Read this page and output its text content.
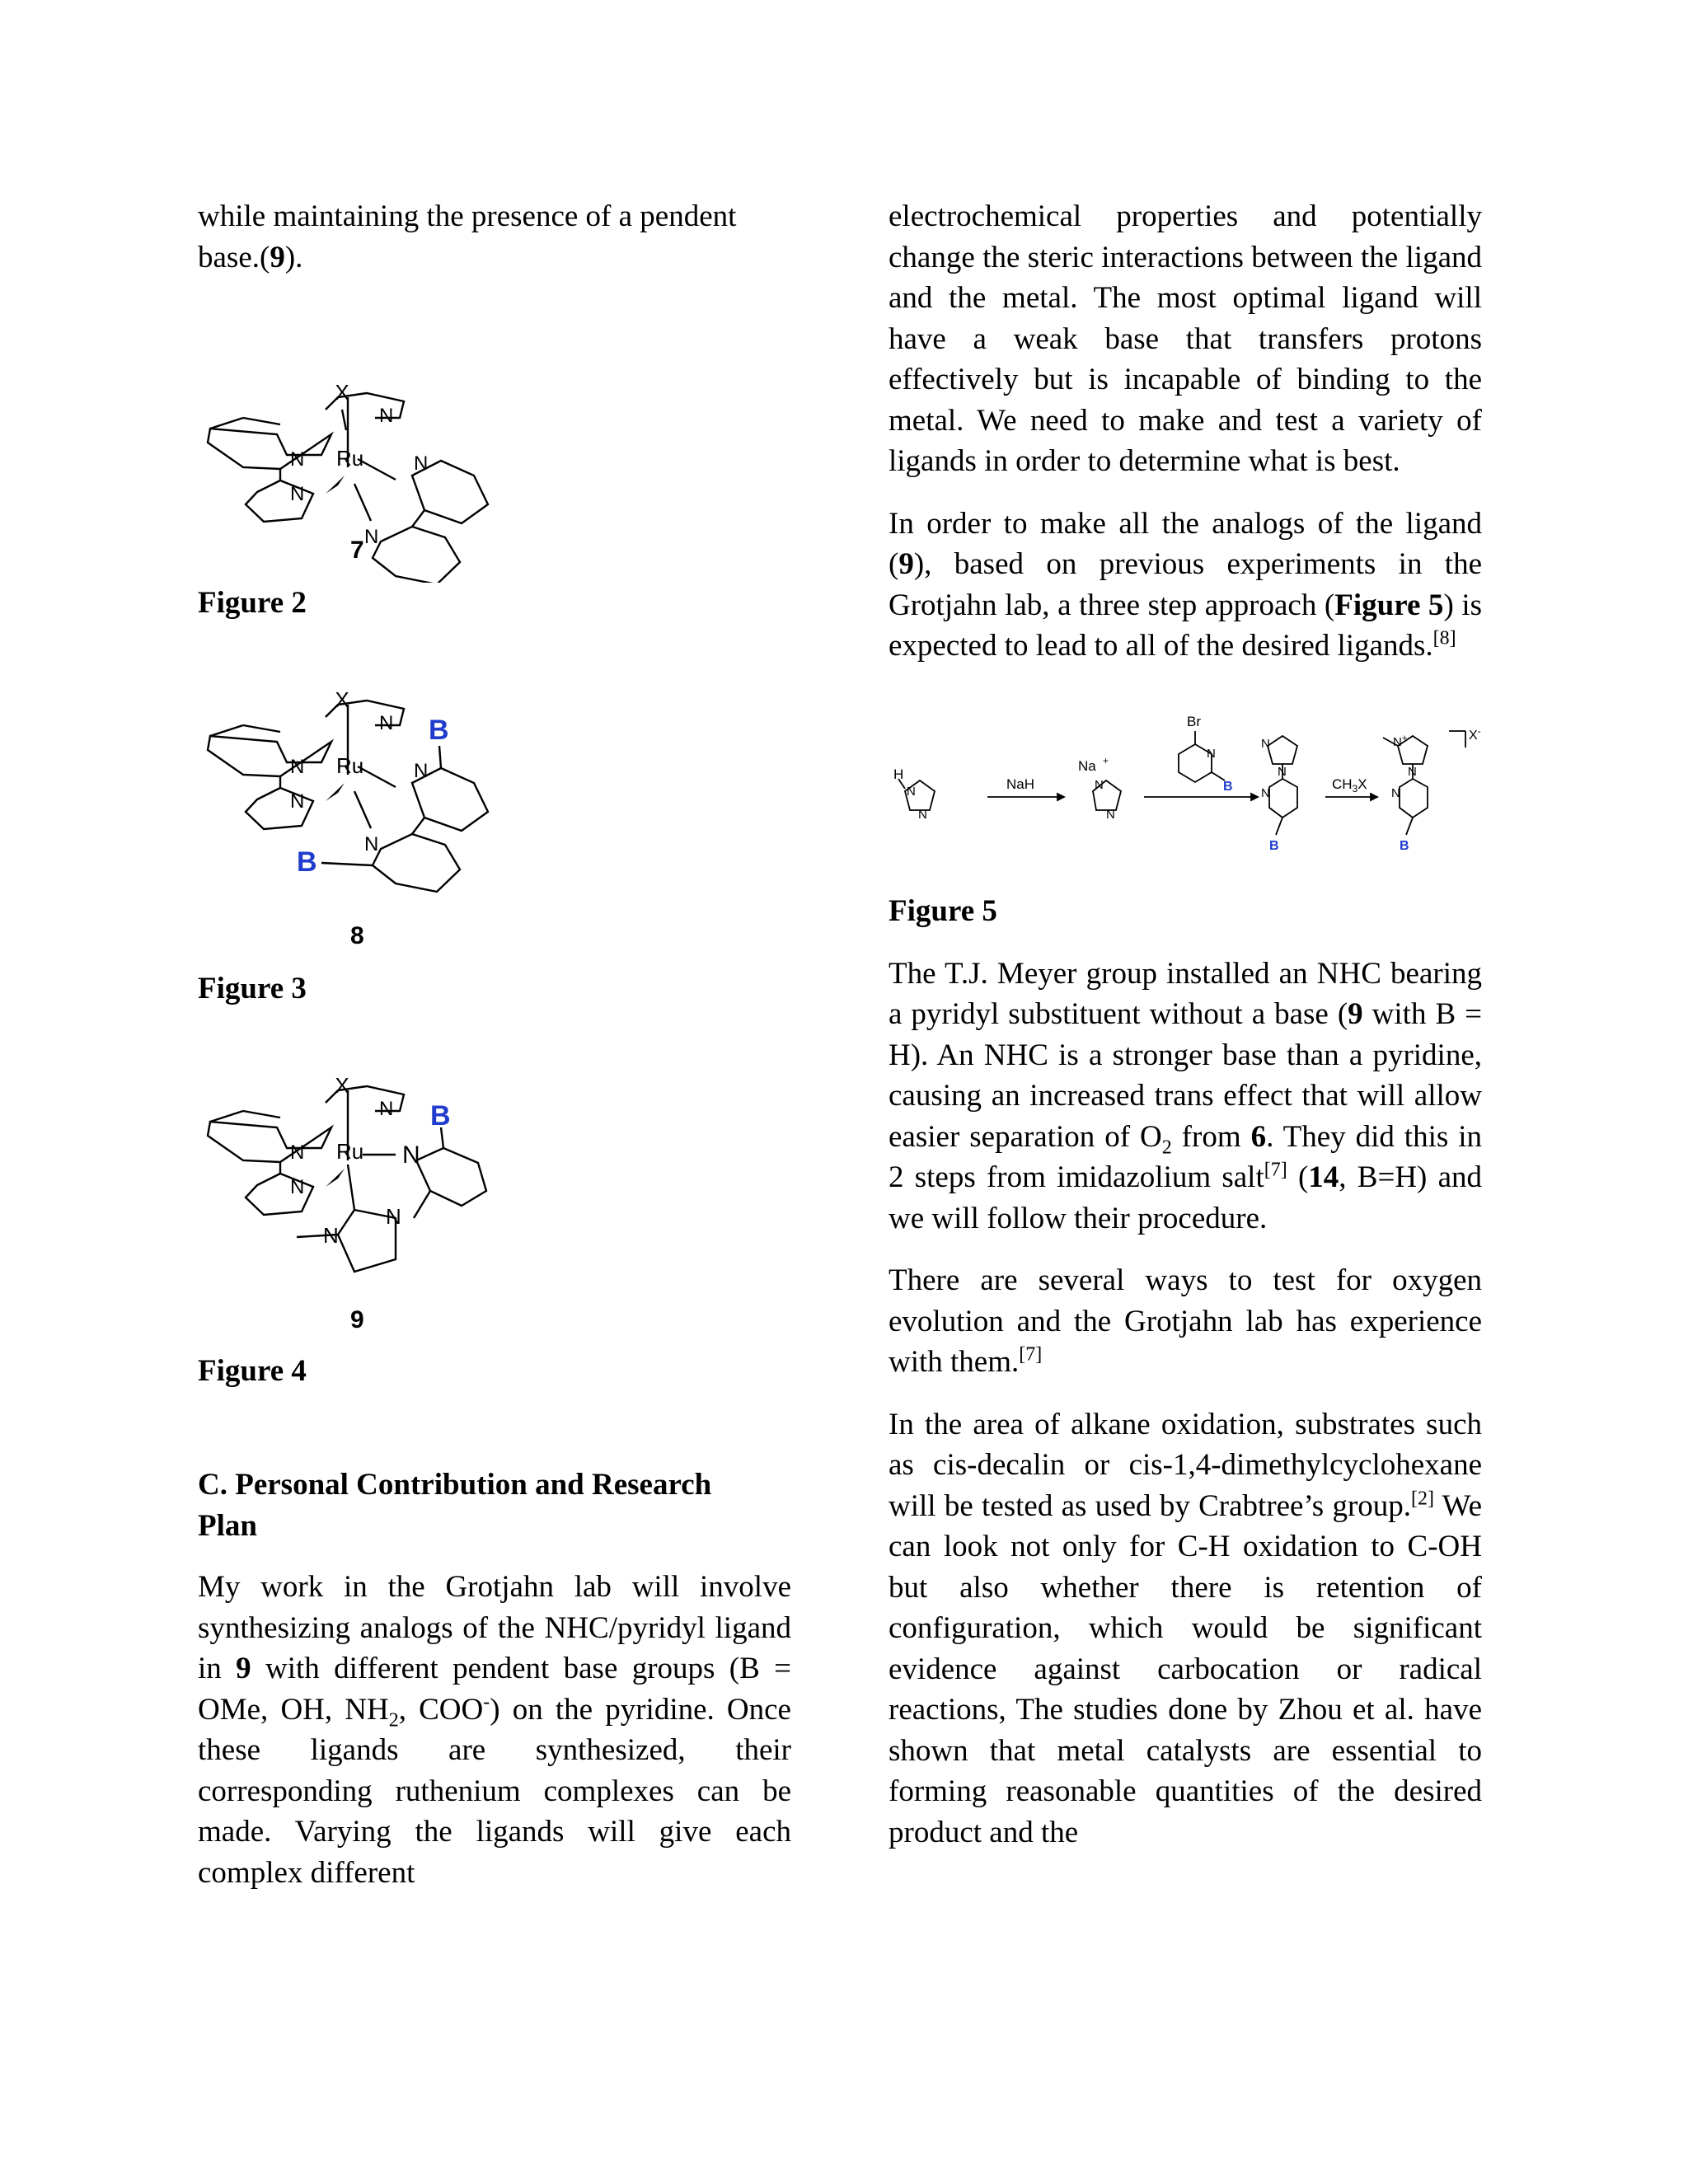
while maintaining the presence of a pendent
base.(9).

X
N
N Ru	N
N
N
7
Figure 2
X
N
N Ru	N
N
N
B
B
8
Figure 3
X
N
N Ru N
N
N
N
B
9
Figure 4

C. Personal Contribution and Research
Plan

My work in the Grotjahn lab will involve synthesizing analogs of the NHC/pyridyl ligand in 9 with different pendent base groups (B = OMe, OH, $NH_2$, COO-) on the pyridine. Once these ligands are synthesized, their corresponding ruthenium complexes can be made. Varying the ligands will give each complex different

electrochemical properties and potentially change the steric interactions between the ligand and the metal. The most optimal ligand will have a weak base that transfers protons effectively but is incapable of binding to the metal. We need to make and test a variety of ligands in order to determine what is best.

In order to make all the analogs of the ligand (9), based on previous experiments in the Grotjahn lab, a three step approach (Figure 5) is expected to lead to all of the desired ligands.[8]

H
N
N
NaH
Na +
N
N
Br
N
B
N
N
N
B
$CH_3X$
N+
N
N
B
X-
Figure 5

The T.J. Meyer group installed an NHC bearing a pyridyl substituent without a base (9 with B = H). An NHC is a stronger base than a pyridine, causing an increased trans effect that will allow easier separation of $O_2$ from 6. They did this in 2 steps from imidazolium salt[7] (14, B=H) and we will follow their procedure.

There are several ways to test for oxygen evolution and the Grotjahn lab has experience with them.[7]

In the area of alkane oxidation, substrates such as cis-decalin or cis-1,4-dimethylcyclohexane will be tested as used by Crabtree’s group.[2] We can look not only for C-H oxidation to C-OH but also whether there is retention of configuration, which would be significant evidence against carbocation or radical reactions, The studies done by Zhou et al. have shown that metal catalysts are essential to forming reasonable quantities of the desired product and the
